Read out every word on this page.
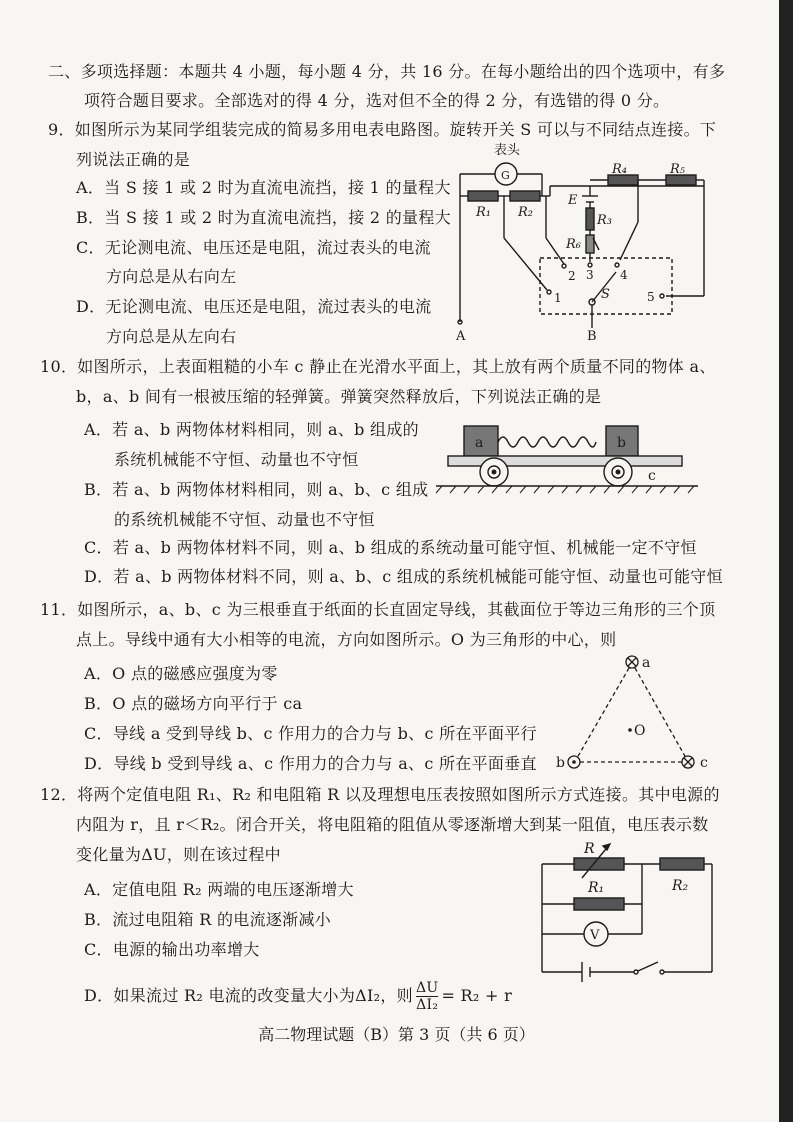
二、多项选择题：本题共 4 小题，每小题 4 分，共 16 分。在每小题给出的四个选项中，有多
项符合题目要求。全部选对的得 4 分，选对但不全的得 2 分，有选错的得 0 分。
9．如图所示为某同学组装完成的简易多用电表电路图。旋转开关 S 可以与不同结点连接。下
列说法正确的是
A．当 S 接 1 或 2 时为直流电流挡，接 1 的量程大
B．当 S 接 1 或 2 时为直流电流挡，接 2 的量程大
C．无论测电流、电压还是电阻，流过表头的电流
方向总是从右向左
D．无论测电流、电压还是电阻，流过表头的电流
方向总是从左向右
表头
G
R₁ R₂
E
R₃
R₆
R₄	R₅
2 3 4
1	5
S
A	B
10．如图所示，上表面粗糙的小车 c 静止在光滑水平面上，其上放有两个质量不同的物体 a、
b，a、b 间有一根被压缩的轻弹簧。弹簧突然释放后，下列说法正确的是
A．若 a、b 两物体材料相同，则 a、b 组成的
系统机械能不守恒、动量也不守恒
B．若 a、b 两物体材料相同，则 a、b、c 组成
的系统机械能不守恒、动量也不守恒
C．若 a、b 两物体材料不同，则 a、b 组成的系统动量可能守恒、机械能一定不守恒
D．若 a、b 两物体材料不同，则 a、b、c 组成的系统机械能可能守恒、动量也可能守恒
a	b
c
11．如图所示，a、b、c 为三根垂直于纸面的长直固定导线，其截面位于等边三角形的三个顶
点上。导线中通有大小相等的电流，方向如图所示。O 为三角形的中心，则
A．O 点的磁感应强度为零
B．O 点的磁场方向平行于 ca
C．导线 a 受到导线 b、c 作用力的合力与 b、c 所在平面平行
D．导线 b 受到导线 a、c 作用力的合力与 a、c 所在平面垂直
a
b	c
O
12．将两个定值电阻 R₁、R₂ 和电阻箱 R 以及理想电压表按照如图所示方式连接。其中电源的
内阻为 r，且 r＜R₂。闭合开关，将电阻箱的阻值从零逐渐增大到某一阻值，电压表示数
变化量为ΔU，则在该过程中
A．定值电阻 R₂ 两端的电压逐渐增大
B．流过电阻箱 R 的电流逐渐减小
C．电源的输出功率增大
D．如果流过 R₂ 电流的改变量大小为ΔI₂，则 $\frac{\Delta U}{\text{ΔI₂}} = R_2 + r$
R
R₁	R₂
V
高二物理试题（B）第 3 页（共 6 页）
